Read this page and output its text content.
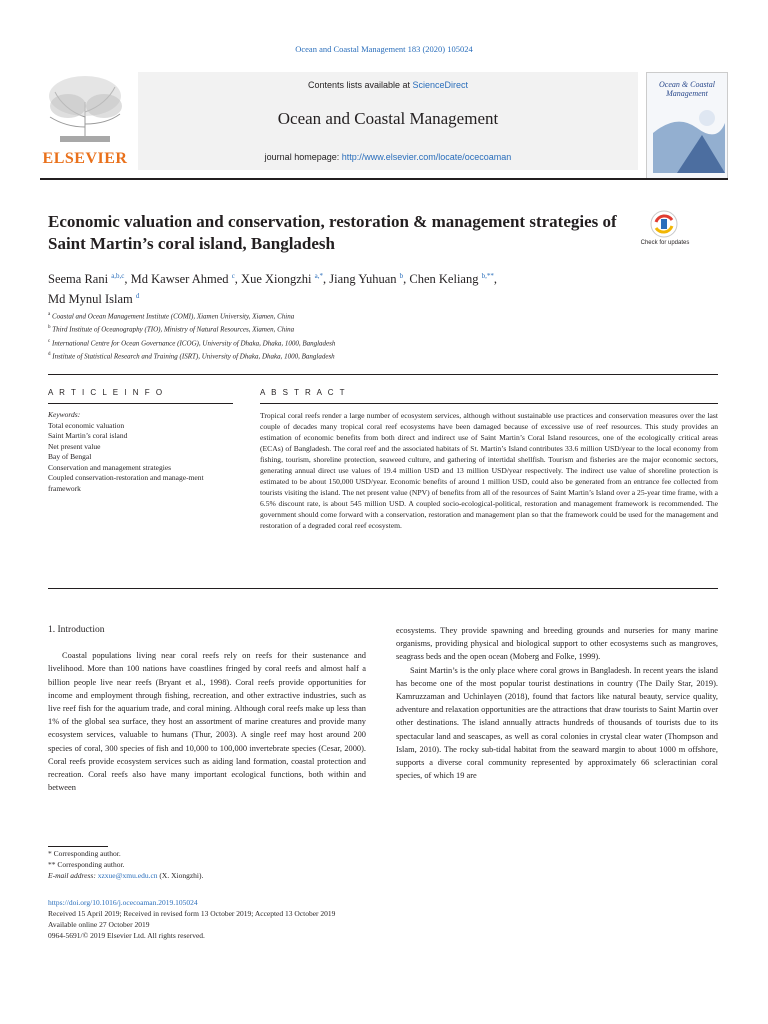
Ocean and Coastal Management 183 (2020) 105024
ELSEVIER
Contents lists available at ScienceDirect
Ocean and Coastal Management
journal homepage: http://www.elsevier.com/locate/ocecoaman
Ocean & Coastal Management
Economic valuation and conservation, restoration & management strategies of Saint Martin’s coral island, Bangladesh	Check for updates
Seema Rani $^{a,b,c}$, Md Kawser Ahmed $^c$, Xue Xiongzhi $^{a,*}$, Jiang Yuhuan $^b$, Chen Keliang $^{b,**}$,
Md Mynul Islam $^d$
$^a$ Coastal and Ocean Management Institute (COMI), Xiamen University, Xiamen, China
$^b$ Third Institute of Oceanography (TIO), Ministry of Natural Resources, Xiamen, China
$^c$ International Centre for Ocean Governance (ICOG), University of Dhaka, Dhaka, 1000, Bangladesh
$^d$ Institute of Statistical Research and Training (ISRT), University of Dhaka, Dhaka, 1000, Bangladesh
A R T I C L E I N F O	A B S T R A C T
Keywords:
Total economic valuation
Saint Martin’s coral island
Net present value
Bay of Bengal
Conservation and management strategies
Coupled conservation-restoration and manage-ment framework
Tropical coral reefs render a large number of ecosystem services, although without sustainable use practices and conservation measures over the last couple of decades many tropical coral reef ecosystems have been damaged because of excessive use of reef resources. This study provides an estimation of economic benefits from both direct and indirect use of Saint Martin’s Coral Island resources, one of the ecologically critical areas (ECAs) of Bangladesh. The coral reef and the associated habitats of St. Martin’s Island contributes 33.6 million USD/year to the local economy from fishing, tourism, shoreline protection, seaweed culture, and gathering of intertidal shellfish. Tourism and fisheries are the major economic sectors, generating annual direct use values of 19.4 million USD and 13 million USD/year respectively. The indirect use value of shoreline protection is estimated to be about 150,000 USD/year. Economic benefits of around 1 million USD, could also be generated from an entrance fee collected from tourists visiting the island. The net present value (NPV) of benefits from all of the resources of Saint Martin’s Island over a 25-year time frame, with a 6.5% discount rate, is about 545 million USD. A coupled socio-ecological-political, restoration and management framework is recommended. The government should come forward with a conservation, restoration and management plan so that the framework could be used for the management and restoration of a degraded coral reef ecosystem.
1. Introduction

Coastal populations living near coral reefs rely on reefs for their sustenance and livelihood. More than 100 nations have coastlines fringed by coral reefs and almost half a billion people live near reefs (Bryant et al., 1998). Coral reefs provide opportunities for income and employment through fishing, recreation, and other extractive industries, such as live reef fish for the aquarium trade, and coral mining. Although coral reefs make up less than 1% of the global sea surface, they host an assortment of marine creatures and provide many ecosystem services, valuable to humans (Thur, 2003). A single reef may host around 200 species of coral, 300 species of fish and 10,000 to 100,000 invertebrate species (Cesar, 2000). Coral reefs provide ecosystem services such as aiding land formation, coastal protection and recreation. Coral reefs also have many important ecological functions, both within and between

ecosystems. They provide spawning and breeding grounds and nurseries for many marine organisms, providing physical and biological support to other ecosystems such as mangroves, seagrass beds and the open ocean (Moberg and Folke, 1999).

Saint Martin’s is the only place where coral grows in Bangladesh. In recent years the island has become one of the most popular tourist destinations in country (The Daily Star, 2019). Kamruzzaman and Uchinlayen (2018), found that factors like natural beauty, service quality, adventure and relaxation opportunities are the attractions that draw tourists to Saint Martin over other destinations. The island annually attracts hundreds of thousands of tourists due to its spectacular land and seascapes, as well as coral colonies in crystal clear water (Thompson and Islam, 2010). The rocky sub-tidal habitat from the seaward margin to about 1000 m offshore, supports a diverse coral community represented by approximately 66 scleractinian coral species, of which 19 are

* Corresponding author.
** Corresponding author.
E-mail address: xzxue@xmu.edu.cn (X. Xiongzhi).
https://doi.org/10.1016/j.ocecoaman.2019.105024
Received 15 April 2019; Received in revised form 13 October 2019; Accepted 13 October 2019
Available online 27 October 2019
0964-5691/© 2019 Elsevier Ltd. All rights reserved.
